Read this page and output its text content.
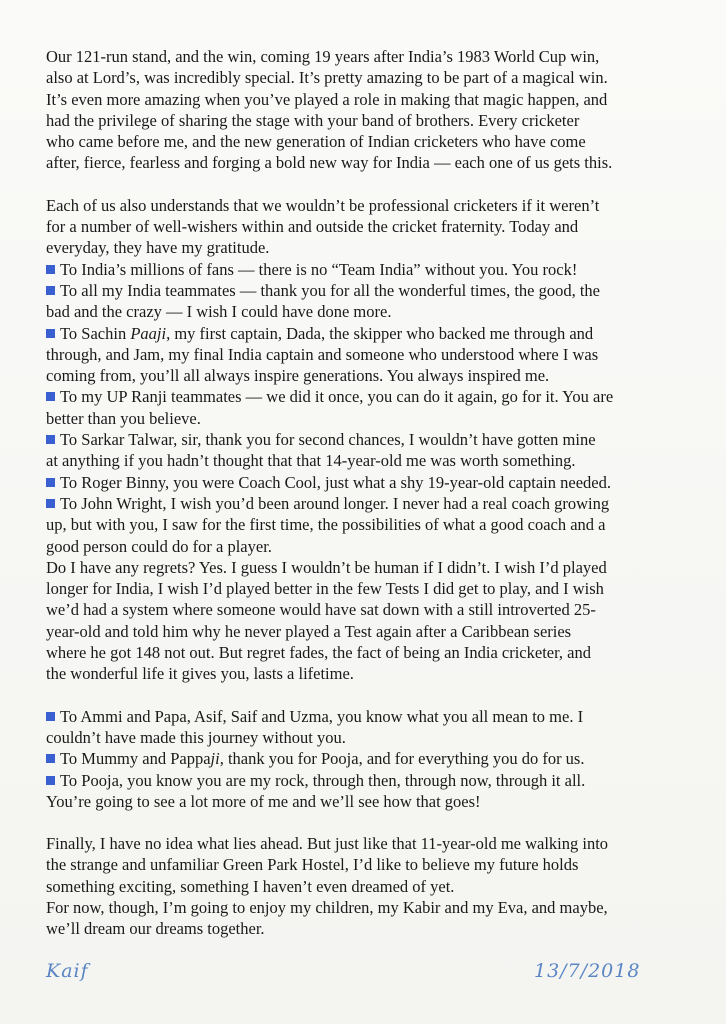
Our 121-run stand, and the win, coming 19 years after India’s 1983 World Cup win,
also at Lord’s, was incredibly special. It’s pretty amazing to be part of a magical win.
It’s even more amazing when you’ve played a role in making that magic happen, and
had the privilege of sharing the stage with your band of brothers. Every cricketer
who came before me, and the new generation of Indian cricketers who have come
after, fierce, fearless and forging a bold new way for India — each one of us gets this.

Each of us also understands that we wouldn’t be professional cricketers if it weren’t
for a number of well-wishers within and outside the cricket fraternity. Today and
everyday, they have my gratitude.
To India’s millions of fans — there is no “Team India” without you. You rock!
To all my India teammates — thank you for all the wonderful times, the good, the
bad and the crazy — I wish I could have done more.
To Sachin Paaji, my first captain, Dada, the skipper who backed me through and
through, and Jam, my final India captain and someone who understood where I was
coming from, you’ll all always inspire generations. You always inspired me.
To my UP Ranji teammates — we did it once, you can do it again, go for it. You are
better than you believe.
To Sarkar Talwar, sir, thank you for second chances, I wouldn’t have gotten mine
at anything if you hadn’t thought that that 14-year-old me was worth something.
To Roger Binny, you were Coach Cool, just what a shy 19-year-old captain needed.
To John Wright, I wish you’d been around longer. I never had a real coach growing
up, but with you, I saw for the first time, the possibilities of what a good coach and a
good person could do for a player.
Do I have any regrets? Yes. I guess I wouldn’t be human if I didn’t. I wish I’d played
longer for India, I wish I’d played better in the few Tests I did get to play, and I wish
we’d had a system where someone would have sat down with a still introverted 25-
year-old and told him why he never played a Test again after a Caribbean series
where he got 148 not out. But regret fades, the fact of being an India cricketer, and
the wonderful life it gives you, lasts a lifetime.

To Ammi and Papa, Asif, Saif and Uzma, you know what you all mean to me. I
couldn’t have made this journey without you.
To Mummy and Pappaji, thank you for Pooja, and for everything you do for us.
To Pooja, you know you are my rock, through then, through now, through it all.
You’re going to see a lot more of me and we’ll see how that goes!

Finally, I have no idea what lies ahead. But just like that 11-year-old me walking into
the strange and unfamiliar Green Park Hostel, I’d like to believe my future holds
something exciting, something I haven’t even dreamed of yet.
For now, though, I’m going to enjoy my children, my Kabir and my Eva, and maybe,
we’ll dream our dreams together.

Kaif	13/7/2018
